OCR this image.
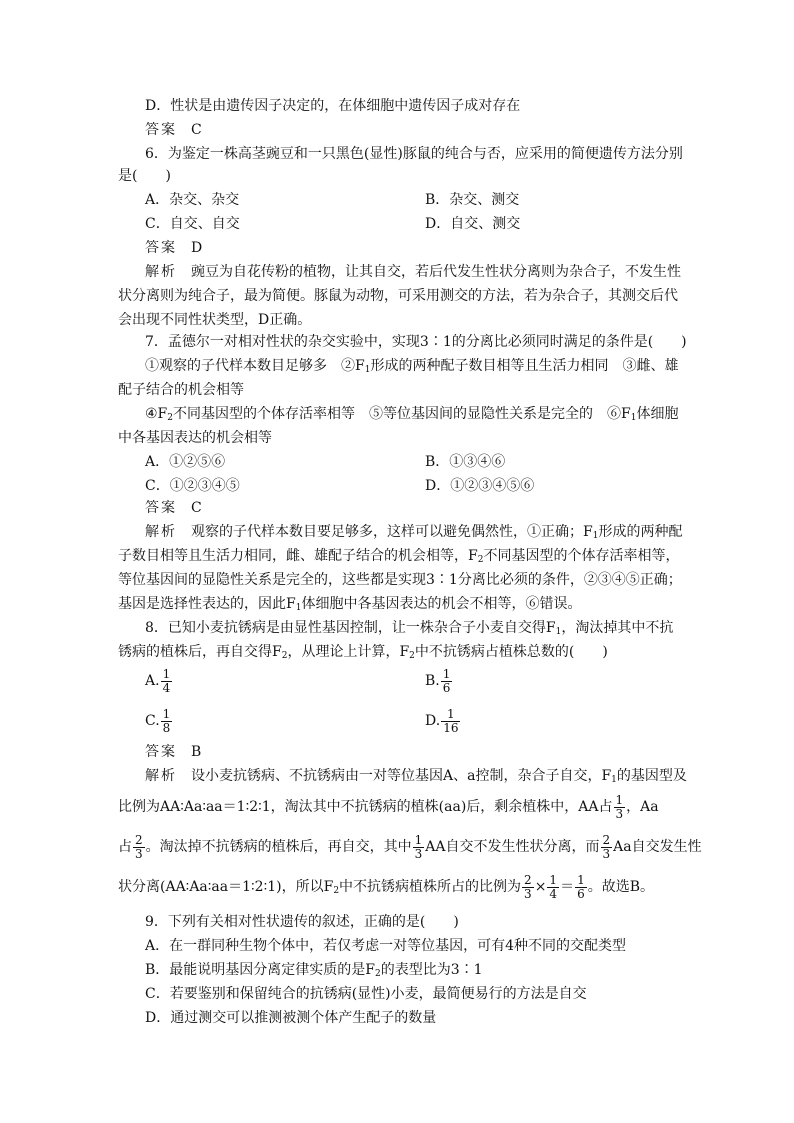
D．性状是由遗传因子决定的，在体细胞中遗传因子成对存在
答案　 C
6．为鉴定一株高茎豌豆和一只黑色(显性)豚鼠的纯合与否，应采用的简便遗传方法分别
是(　　)
A．杂交、杂交	B．杂交、测交
C．自交、自交	D．自交、测交
答案　 D
解析　 豌豆为自花传粉的植物，让其自交，若后代发生性状分离则为杂合子，不发生性
状分离则为纯合子，最为简便。豚鼠为动物，可采用测交的方法，若为杂合子，其测交后代
会出现不同性状类型，D正确。
7．孟德尔一对相对性状的杂交实验中，实现3∶1的分离比必须同时满足的条件是(　　)
①观察的子代样本数目足够多　$②F_1$形成的两种配子数目相等且生活力相同　③雌、雄
配子结合的机会相等
$④F_2$不同基因型的个体存活率相等　⑤等位基因间的显隐性关系是完全的　$⑥F_1$体细胞
中各基因表达的机会相等
A．①②⑤⑥	B．①③④⑥
C．①②③④⑤	D．①②③④⑤⑥
答案　 C
解析　 观察的子代样本数目要足够多，这样可以避免偶然性，①正确；$F_1$形成的两种配
子数目相等且生活力相同，雌、雄配子结合的机会相等，$F_2$不同基因型的个体存活率相等，
等位基因间的显隐性关系是完全的，这些都是实现3∶1分离比必须的条件，②③④⑤正确；
基因是选择性表达的，因此$F_1$体细胞中各基因表达的机会不相等，⑥错误。
8．已知小麦抗锈病是由显性基因控制，让一株杂合子小麦自交得$F_1$，淘汰掉其中不抗
锈病的植株后，再自交得$F_2$，从理论上计算，$F_2$中不抗锈病占植株总数的(　　)
A. $\frac{1}{4}$	B. $\frac{1}{6}$
C. $\frac{1}{8}$	D. $\frac{1}{16}$
答案　 B
解析　 设小麦抗锈病、不抗锈病由一对等位基因A、a控制，杂合子自交，$F_1$的基因型及
比例为AA∶Aa∶aa＝1∶2∶1，淘汰其中不抗锈病的植株(aa)后，剩余植株中，AA占 $\frac{1}{3}$ ，Aa
占 $\frac{2}{3}$ 。淘汰掉不抗锈病的植株后，再自交，其中 $\frac{1}{3}$ AA自交不发生性状分离，而 $\frac{2}{3}$ Aa自交发生性
状分离(AA∶Aa∶aa＝1∶2∶1)，所以$F_2$中不抗锈病植株所占的比例为 $\frac{2}{3} \times \frac{1}{4} = \frac{1}{6}$ 。故选B。
9．下列有关相对性状遗传的叙述，正确的是(　　)
A．在一群同种生物个体中，若仅考虑一对等位基因，可有4种不同的交配类型
B．最能说明基因分离定律实质的是$F_2$的表型比为3∶1
C．若要鉴别和保留纯合的抗锈病(显性)小麦，最简便易行的方法是自交
D．通过测交可以推测被测个体产生配子的数量
